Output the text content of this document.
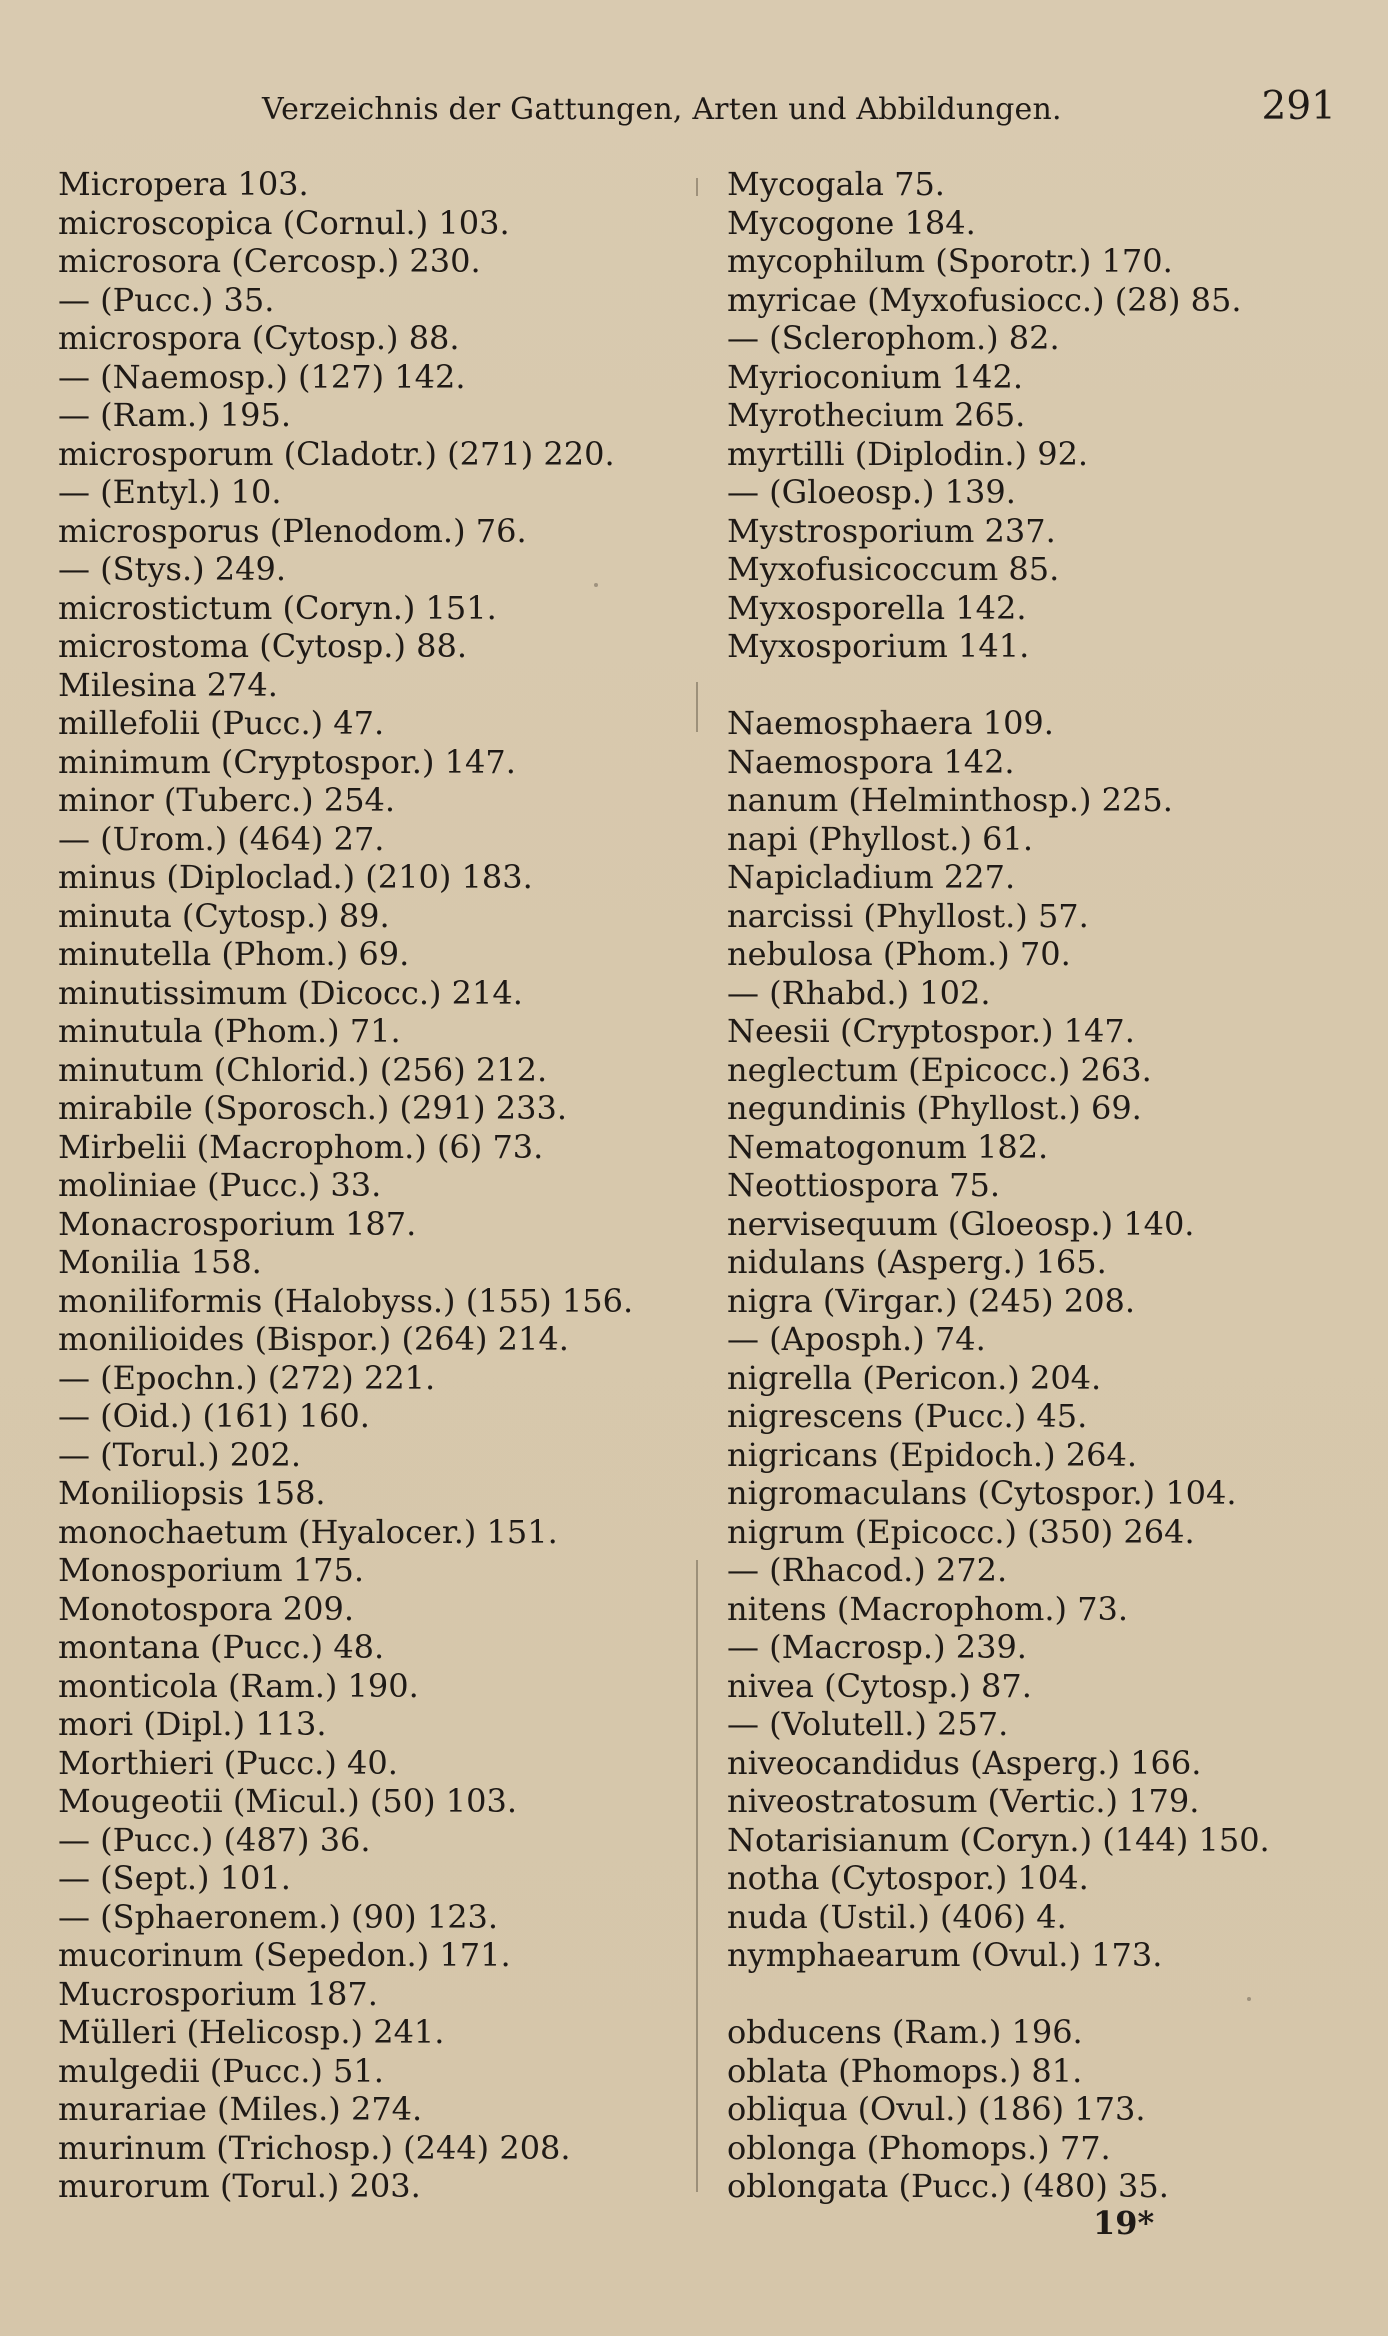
Verzeichnis der Gattungen, Arten und Abbildungen.	291
Micropera 103.
microscopica (Cornul.) 103.
microsora (Cercosp.) 230.
— (Pucc.) 35.
microspora (Cytosp.) 88.
— (Naemosp.) (127) 142.
— (Ram.) 195.
microsporum (Cladotr.) (271) 220.
— (Entyl.) 10.
microsporus (Plenodom.) 76.
— (Stys.) 249.
microstictum (Coryn.) 151.
microstoma (Cytosp.) 88.
Milesina 274.
millefolii (Pucc.) 47.
minimum (Cryptospor.) 147.
minor (Tuberc.) 254.
— (Urom.) (464) 27.
minus (Diploclad.) (210) 183.
minuta (Cytosp.) 89.
minutella (Phom.) 69.
minutissimum (Dicocc.) 214.
minutula (Phom.) 71.
minutum (Chlorid.) (256) 212.
mirabile (Sporosch.) (291) 233.
Mirbelii (Macrophom.) (6) 73.
moliniae (Pucc.) 33.
Monacrosporium 187.
Monilia 158.
moniliformis (Halobyss.) (155) 156.
monilioides (Bispor.) (264) 214.
— (Epochn.) (272) 221.
— (Oid.) (161) 160.
— (Torul.) 202.
Moniliopsis 158.
monochaetum (Hyalocer.) 151.
Monosporium 175.
Monotospora 209.
montana (Pucc.) 48.
monticola (Ram.) 190.
mori (Dipl.) 113.
Morthieri (Pucc.) 40.
Mougeotii (Micul.) (50) 103.
— (Pucc.) (487) 36.
— (Sept.) 101.
— (Sphaeronem.) (90) 123.
mucorinum (Sepedon.) 171.
Mucrosporium 187.
Mülleri (Helicosp.) 241.
mulgedii (Pucc.) 51.
murariae (Miles.) 274.
murinum (Trichosp.) (244) 208.
murorum (Torul.) 203.
Mycogala 75.
Mycogone 184.
mycophilum (Sporotr.) 170.
myricae (Myxofusiocc.) (28) 85.
— (Sclerophom.) 82.
Myrioconium 142.
Myrothecium 265.
myrtilli (Diplodin.) 92.
— (Gloeosp.) 139.
Mystrosporium 237.
Myxofusicoccum 85.
Myxosporella 142.
Myxosporium 141.
Naemosphaera 109.
Naemospora 142.
nanum (Helminthosp.) 225.
napi (Phyllost.) 61.
Napicladium 227.
narcissi (Phyllost.) 57.
nebulosa (Phom.) 70.
— (Rhabd.) 102.
Neesii (Cryptospor.) 147.
neglectum (Epicocc.) 263.
negundinis (Phyllost.) 69.
Nematogonum 182.
Neottiospora 75.
nervisequum (Gloeosp.) 140.
nidulans (Asperg.) 165.
nigra (Virgar.) (245) 208.
— (Aposph.) 74.
nigrella (Pericon.) 204.
nigrescens (Pucc.) 45.
nigricans (Epidoch.) 264.
nigromaculans (Cytospor.) 104.
nigrum (Epicocc.) (350) 264.
— (Rhacod.) 272.
nitens (Macrophom.) 73.
— (Macrosp.) 239.
nivea (Cytosp.) 87.
— (Volutell.) 257.
niveocandidus (Asperg.) 166.
niveostratosum (Vertic.) 179.
Notarisianum (Coryn.) (144) 150.
notha (Cytospor.) 104.
nuda (Ustil.) (406) 4.
nymphaearum (Ovul.) 173.
obducens (Ram.) 196.
oblata (Phomops.) 81.
obliqua (Ovul.) (186) 173.
oblonga (Phomops.) 77.
oblongata (Pucc.) (480) 35.
19*
